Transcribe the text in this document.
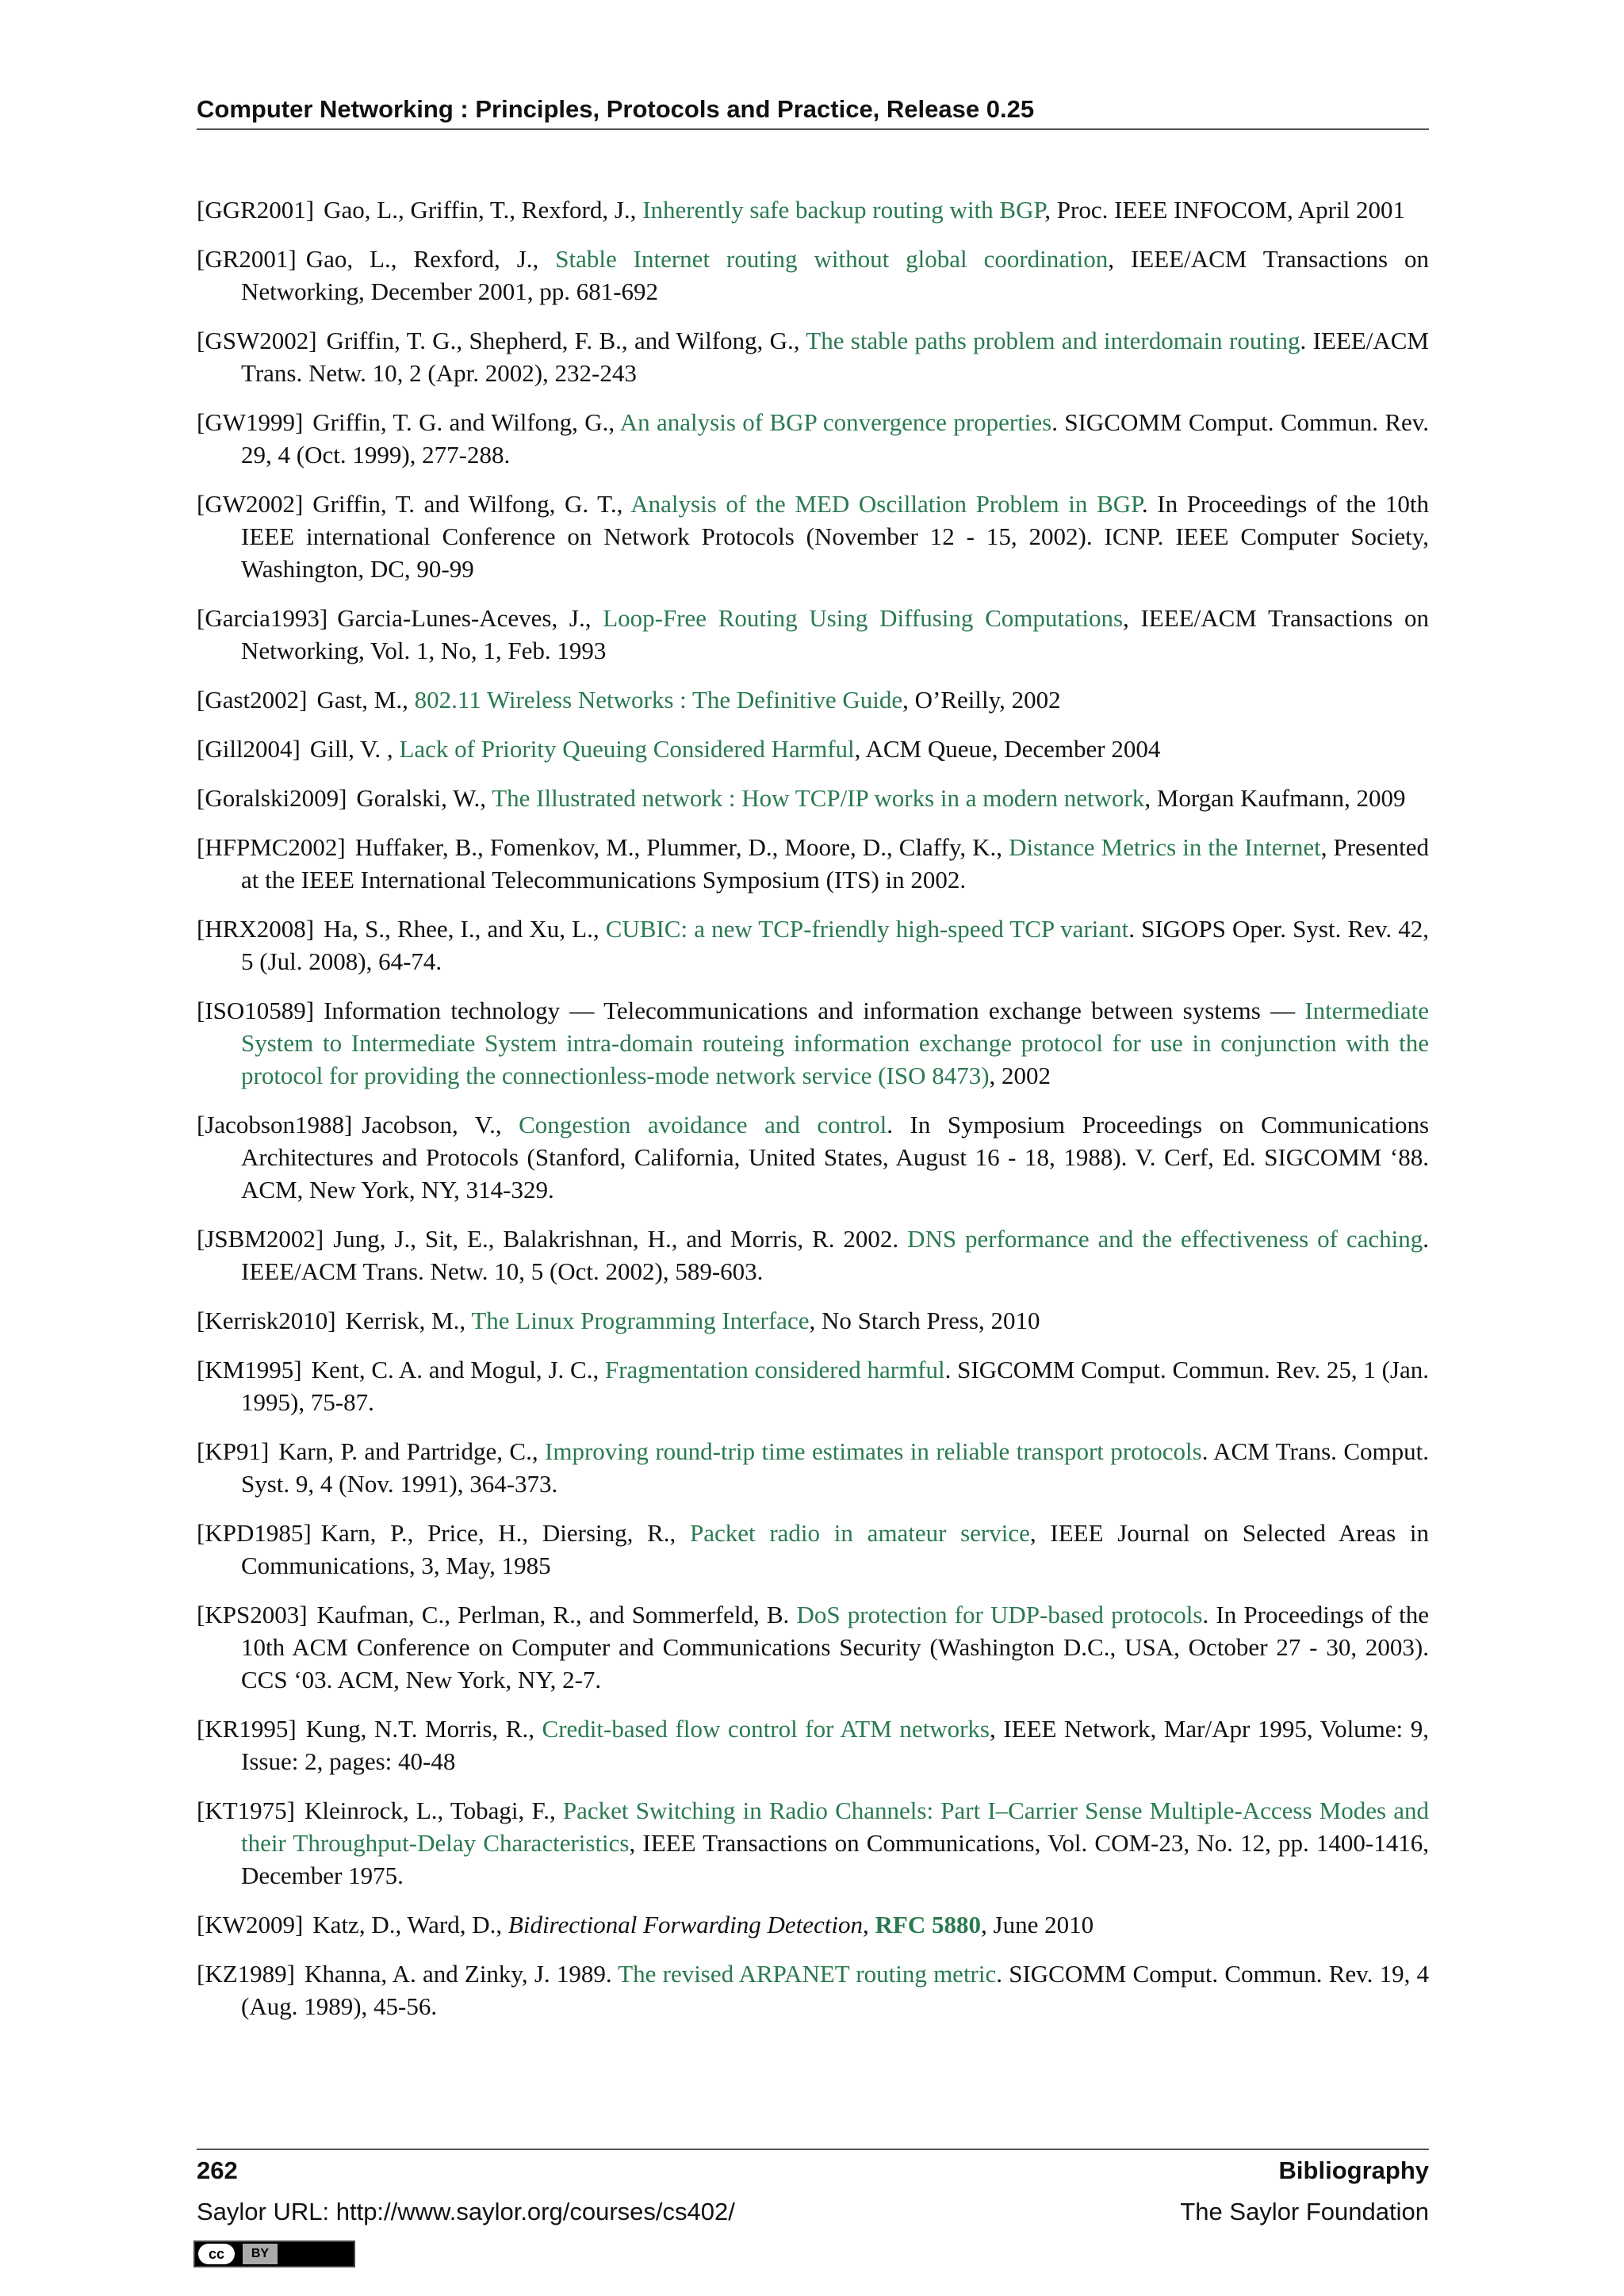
Computer Networking : Principles, Protocols and Practice, Release 0.25

[GGR2001] Gao, L., Griffin, T., Rexford, J., Inherently safe backup routing with BGP, Proc. IEEE INFOCOM, April 2001

[GR2001] Gao, L., Rexford, J., Stable Internet routing without global coordination, IEEE/ACM Transactions on Networking, December 2001, pp. 681-692

[GSW2002] Griffin, T. G., Shepherd, F. B., and Wilfong, G., The stable paths problem and interdomain routing. IEEE/ACM Trans. Netw. 10, 2 (Apr. 2002), 232-243

[GW1999] Griffin, T. G. and Wilfong, G., An analysis of BGP convergence properties. SIGCOMM Comput. Commun. Rev. 29, 4 (Oct. 1999), 277-288.

[GW2002] Griffin, T. and Wilfong, G. T., Analysis of the MED Oscillation Problem in BGP. In Proceedings of the 10th IEEE international Conference on Network Protocols (November 12 - 15, 2002). ICNP. IEEE Computer Society, Washington, DC, 90-99

[Garcia1993] Garcia-Lunes-Aceves, J., Loop-Free Routing Using Diffusing Computations, IEEE/ACM Transactions on Networking, Vol. 1, No, 1, Feb. 1993

[Gast2002] Gast, M., 802.11 Wireless Networks : The Definitive Guide, O’Reilly, 2002

[Gill2004] Gill, V. , Lack of Priority Queuing Considered Harmful, ACM Queue, December 2004

[Goralski2009] Goralski, W., The Illustrated network : How TCP/IP works in a modern network, Morgan Kaufmann, 2009

[HFPMC2002] Huffaker, B., Fomenkov, M., Plummer, D., Moore, D., Claffy, K., Distance Metrics in the Internet, Presented at the IEEE International Telecommunications Symposium (ITS) in 2002.

[HRX2008] Ha, S., Rhee, I., and Xu, L., CUBIC: a new TCP-friendly high-speed TCP variant. SIGOPS Oper. Syst. Rev. 42, 5 (Jul. 2008), 64-74.

[ISO10589] Information technology — Telecommunications and information exchange between systems — Intermediate System to Intermediate System intra-domain routeing information exchange protocol for use in conjunction with the protocol for providing the connectionless-mode network service (ISO 8473), 2002

[Jacobson1988] Jacobson, V., Congestion avoidance and control. In Symposium Proceedings on Communications Architectures and Protocols (Stanford, California, United States, August 16 - 18, 1988). V. Cerf, Ed. SIGCOMM ‘88. ACM, New York, NY, 314-329.

[JSBM2002] Jung, J., Sit, E., Balakrishnan, H., and Morris, R. 2002. DNS performance and the effectiveness of caching. IEEE/ACM Trans. Netw. 10, 5 (Oct. 2002), 589-603.

[Kerrisk2010] Kerrisk, M., The Linux Programming Interface, No Starch Press, 2010

[KM1995] Kent, C. A. and Mogul, J. C., Fragmentation considered harmful. SIGCOMM Comput. Commun. Rev. 25, 1 (Jan. 1995), 75-87.

[KP91] Karn, P. and Partridge, C., Improving round-trip time estimates in reliable transport protocols. ACM Trans. Comput. Syst. 9, 4 (Nov. 1991), 364-373.

[KPD1985] Karn, P., Price, H., Diersing, R., Packet radio in amateur service, IEEE Journal on Selected Areas in Communications, 3, May, 1985

[KPS2003] Kaufman, C., Perlman, R., and Sommerfeld, B. DoS protection for UDP-based protocols. In Proceedings of the 10th ACM Conference on Computer and Communications Security (Washington D.C., USA, October 27 - 30, 2003). CCS ‘03. ACM, New York, NY, 2-7.

[KR1995] Kung, N.T. Morris, R., Credit-based flow control for ATM networks, IEEE Network, Mar/Apr 1995, Volume: 9, Issue: 2, pages: 40-48

[KT1975] Kleinrock, L., Tobagi, F., Packet Switching in Radio Channels: Part I–Carrier Sense Multiple-Access Modes and their Throughput-Delay Characteristics, IEEE Transactions on Communications, Vol. COM-23, No. 12, pp. 1400-1416, December 1975.

[KW2009] Katz, D., Ward, D., Bidirectional Forwarding Detection, RFC 5880, June 2010

[KZ1989] Khanna, A. and Zinky, J. 1989. The revised ARPANET routing metric. SIGCOMM Comput. Commun. Rev. 19, 4 (Aug. 1989), 45-56.

262	Bibliography
Saylor URL: http://www.saylor.org/courses/cs402/	The Saylor Foundation
cc	BY
